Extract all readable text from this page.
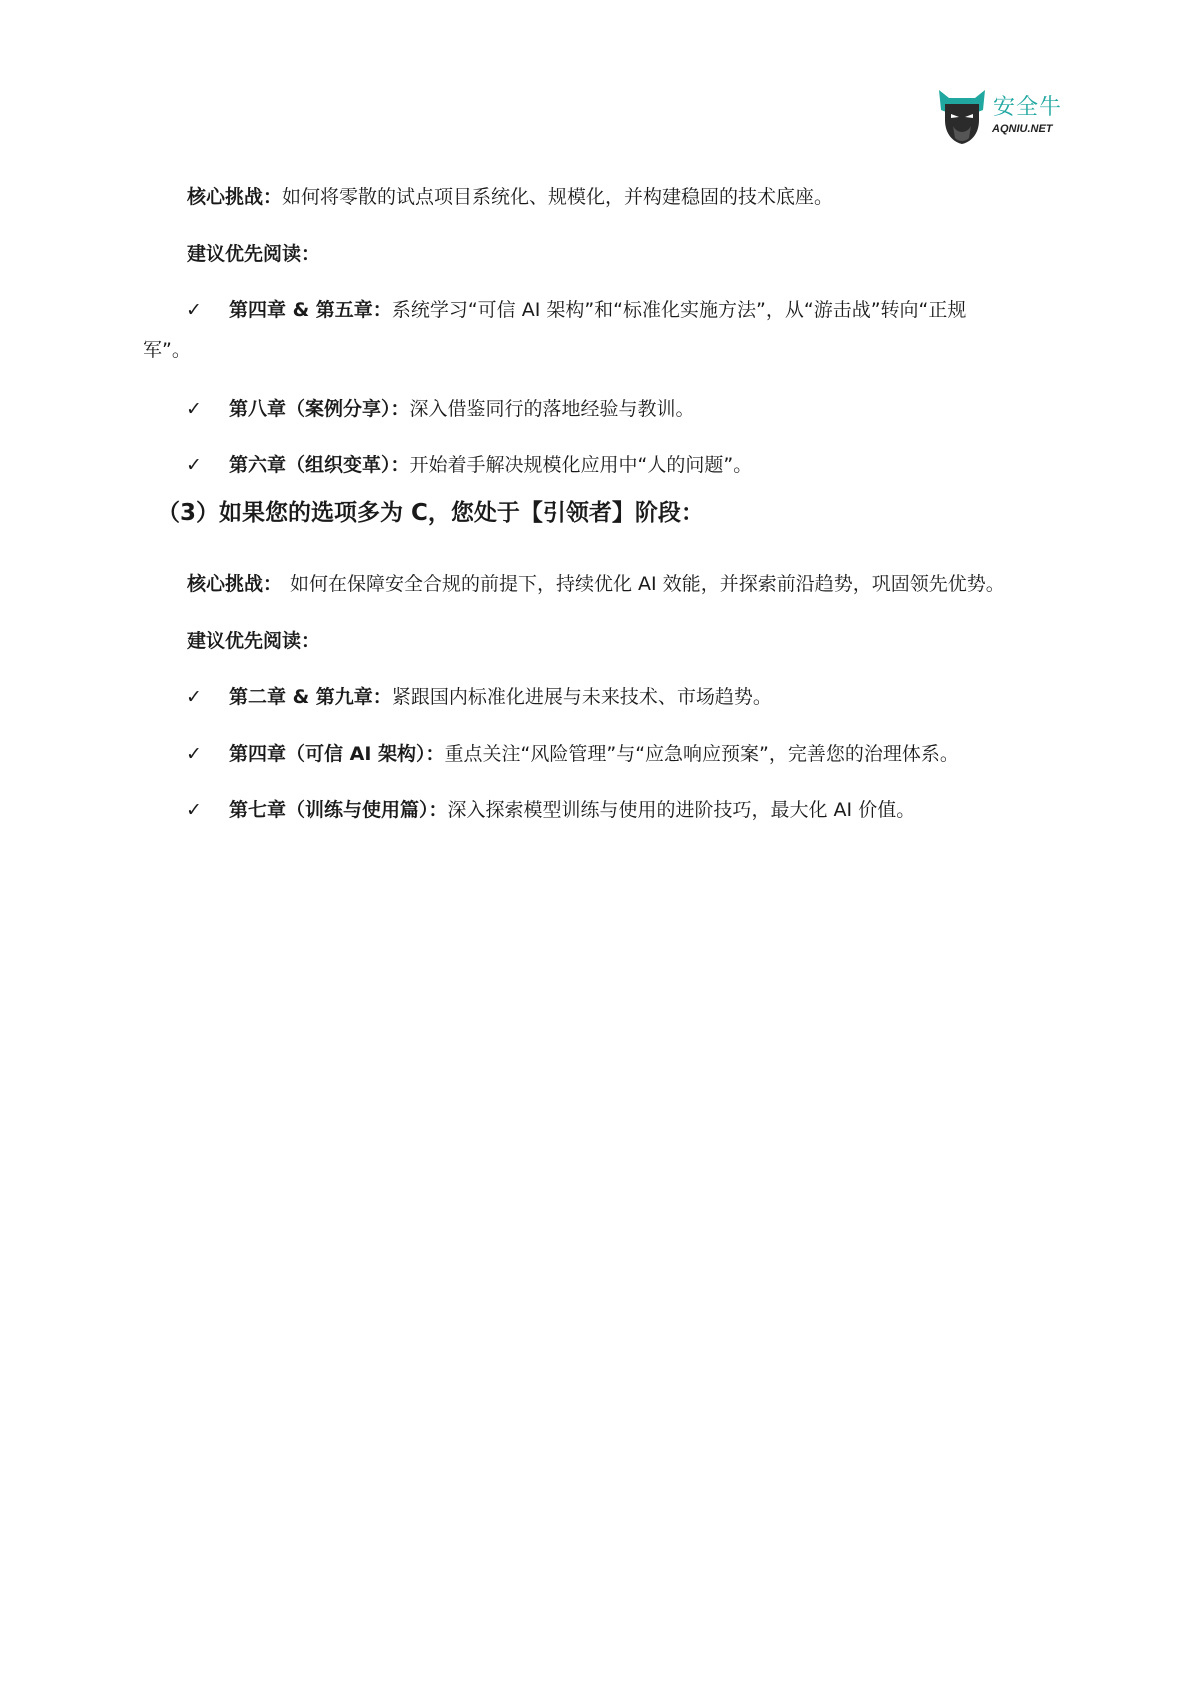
安全牛
AQNIU.NET
核心挑战：如何将零散的试点项目系统化、规模化，并构建稳固的技术底座。
建议优先阅读：
✓ 第四章 & 第五章：系统学习“可信 AI 架构”和“标准化实施方法”，从“游击战”转向“正规
军”。
✓ 第八章（案例分享）：深入借鉴同行的落地经验与教训。
✓ 第六章（组织变革）：开始着手解决规模化应用中“人的问题”。
（3）如果您的选项多为 C，您处于【引领者】阶段：
核心挑战： 如何在保障安全合规的前提下，持续优化 AI 效能，并探索前沿趋势，巩固领先优势。
建议优先阅读：
✓ 第二章 & 第九章：紧跟国内标准化进展与未来技术、市场趋势。
✓ 第四章（可信 AI 架构）：重点关注“风险管理”与“应急响应预案”，完善您的治理体系。
✓ 第七章（训练与使用篇）：深入探索模型训练与使用的进阶技巧，最大化 AI 价值。
